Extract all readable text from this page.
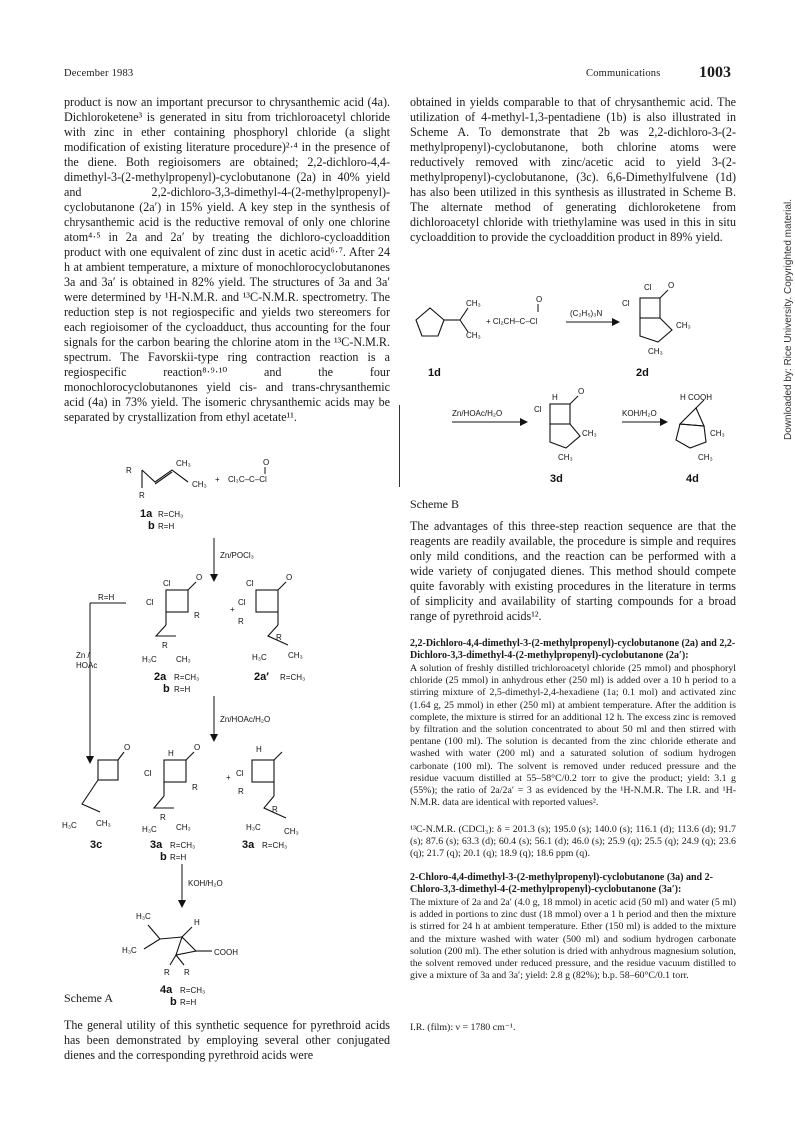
December 1983	Communications 1003
Downloaded by: Rice University. Copyrighted material.

product is now an important precursor to chrysanthemic acid (4a). Dichloroketene³ is generated in situ from trichloroacetyl chloride with zinc in ether containing phosphoryl chloride (a slight modification of existing literature procedure)²·⁴ in the presence of the diene. Both regioisomers are obtained; 2,2-dichloro-4,4-dimethyl-3-(2-methylpropenyl)-cyclobutanone (2a) in 40% yield and 2,2-dichloro-3,3-dimethyl-4-(2-methylpropenyl)-cyclobutanone (2a′) in 15% yield. A key step in the synthesis of chrysanthemic acid is the reductive removal of only one chlorine atom⁴·⁵ in 2a and 2a′ by treating the dichloro-cycloaddition product with one equivalent of zinc dust in acetic acid⁶·⁷. After 24 h at ambient temperature, a mixture of monochlorocyclobutanones 3a and 3a′ is obtained in 82% yield. The structures of 3a and 3a′ were determined by ¹H-N.M.R. and ¹³C-N.M.R. spectrometry. The reduction step is not regiospecific and yields two stereomers for each regioisomer of the cycloadduct, thus accounting for the four signals for the carbon bearing the chlorine atom in the ¹³C-N.M.R. spectrum. The Favorskii-type ring contraction reaction is a regiospecific reaction⁸·⁹·¹⁰ and the four monochlorocyclobutanones yield cis- and trans-chrysanthemic acid (4a) in 73% yield. The isomeric chrysanthemic acids may be separated by crystallization from ethyl acetate¹¹.

R
CH₃
CH₃
R
+
O
Cl₃C–C–Cl
1a R=CH₃
b R=H
Zn/POCl₃
R=H
Zn /
HOAc
Cl
Cl
O
R
R
H₃C CH₃
+
Cl
Cl
O
R
R
H₃C	CH₃
2a R=CH₃
b R=H
2a′ R=CH₃
Zn/HOAc/H₂O
O
H₃C CH₃
3c
H
Cl
O
R
R
H₃C CH₃
+
H
Cl
R
R
H₃C	CH₃
3a R=CH₃
b R=H
3a R=CH₃
KOH/H₂O
H₃C
H₃C
H
COOH
R R
4a R=CH₃
b R=H
Scheme A

The general utility of this synthetic sequence for pyrethroid acids has been demonstrated by employing several other conjugated dienes and the corresponding pyrethroid acids were

obtained in yields comparable to that of chrysanthemic acid. The utilization of 4-methyl-1,3-pentadiene (1b) is also illustrated in Scheme A. To demonstrate that 2b was 2,2-dichloro-3-(2-methylpropenyl)-cyclobutanone, both chlorine atoms were reductively removed with zinc/acetic acid to yield 3-(2-methylpropenyl)-cyclobutanone, (3c). 6,6-Dimethylfulvene (1d) has also been utilized in this synthesis as illustrated in Scheme B. The alternate method of generating dichloroketene from dichloroacetyl chloride with triethylamine was used in this in situ cycloaddition to provide the cycloaddition product in 89% yield.

CH₃
CH₃
O
+ Cl₂CH–C–Cl
(C₂H₅)₃N
1d
Cl
Cl
O
CH₃
CH₃
2d
Zn/HOAc/H₂O
H
Cl
O
CH₃
CH₃
3d
KOH/H₂O
H COOH
CH₃
CH₃
4d
Scheme B

The advantages of this three-step reaction sequence are that the reagents are readily available, the procedure is simple and requires only mild conditions, and the reaction can be performed with a wide variety of conjugated dienes. This method should compete quite favorably with existing procedures in the literature in terms of simplicity and availability of starting compounds for a broad range of pyrethroid acids¹².

2,2-Dichloro-4,4-dimethyl-3-(2-methylpropenyl)-cyclobutanone (2a) and 2,2-Dichloro-3,3-dimethyl-4-(2-methylpropenyl)-cyclobutanone (2a′):

A solution of freshly distilled trichloroacetyl chloride (25 mmol) and phosphoryl chloride (25 mmol) in anhydrous ether (250 ml) is added over a 10 h period to a stirring mixture of 2,5-dimethyl-2,4-hexadiene (1a; 0.1 mol) and activated zinc (1.64 g, 25 mmol) in ether (250 ml) at ambient temperature. After the addition is complete, the mixture is stirred for an additional 12 h. The excess zinc is removed by filtration and the solution concentrated to about 50 ml and then stirred with pentane (100 ml). The solution is decanted from the zinc chloride etherate and washed with water (200 ml) and a saturated solution of sodium hydrogen carbonate (100 ml). The solvent is removed under reduced pressure and the residue vacuum distilled at 55–58°C/0.2 torr to give the product; yield: 3.1 g (55%); the ratio of 2a/2a′ = 3 as evidenced by the ¹H-N.M.R. The I.R. and ¹H-N.M.R. data are identical with reported values².

¹³C-N.M.R. (CDCl₃): δ = 201.3 (s); 195.0 (s); 140.0 (s); 116.1 (d); 113.6 (d); 91.7 (s); 87.6 (s); 63.3 (d); 60.4 (s); 56.1 (d); 46.0 (s); 25.9 (q); 25.5 (q); 24.9 (q); 23.6 (q); 21.7 (q); 20.1 (q); 18.9 (q); 18.6 ppm (q).

2-Chloro-4,4-dimethyl-3-(2-methylpropenyl)-cyclobutanone (3a) and 2-Chloro-3,3-dimethyl-4-(2-methylpropenyl)-cyclobutanone (3a′):

The mixture of 2a and 2a′ (4.0 g, 18 mmol) in acetic acid (50 ml) and water (5 ml) is added in portions to zinc dust (18 mmol) over a 1 h period and then the mixture is stirred for 24 h at ambient temperature. Ether (150 ml) is added to the mixture and the mixture washed with water (500 ml) and sodium hydrogen carbonate solution (200 ml). The ether solution is dried with anhydrous magnesium solution, the solvent removed under reduced pressure, and the residue vacuum distilled to give a mixture of 3a and 3a′; yield: 2.8 g (82%); b.p. 58–60°C/0.1 torr.

I.R. (film): ν = 1780 cm⁻¹.
